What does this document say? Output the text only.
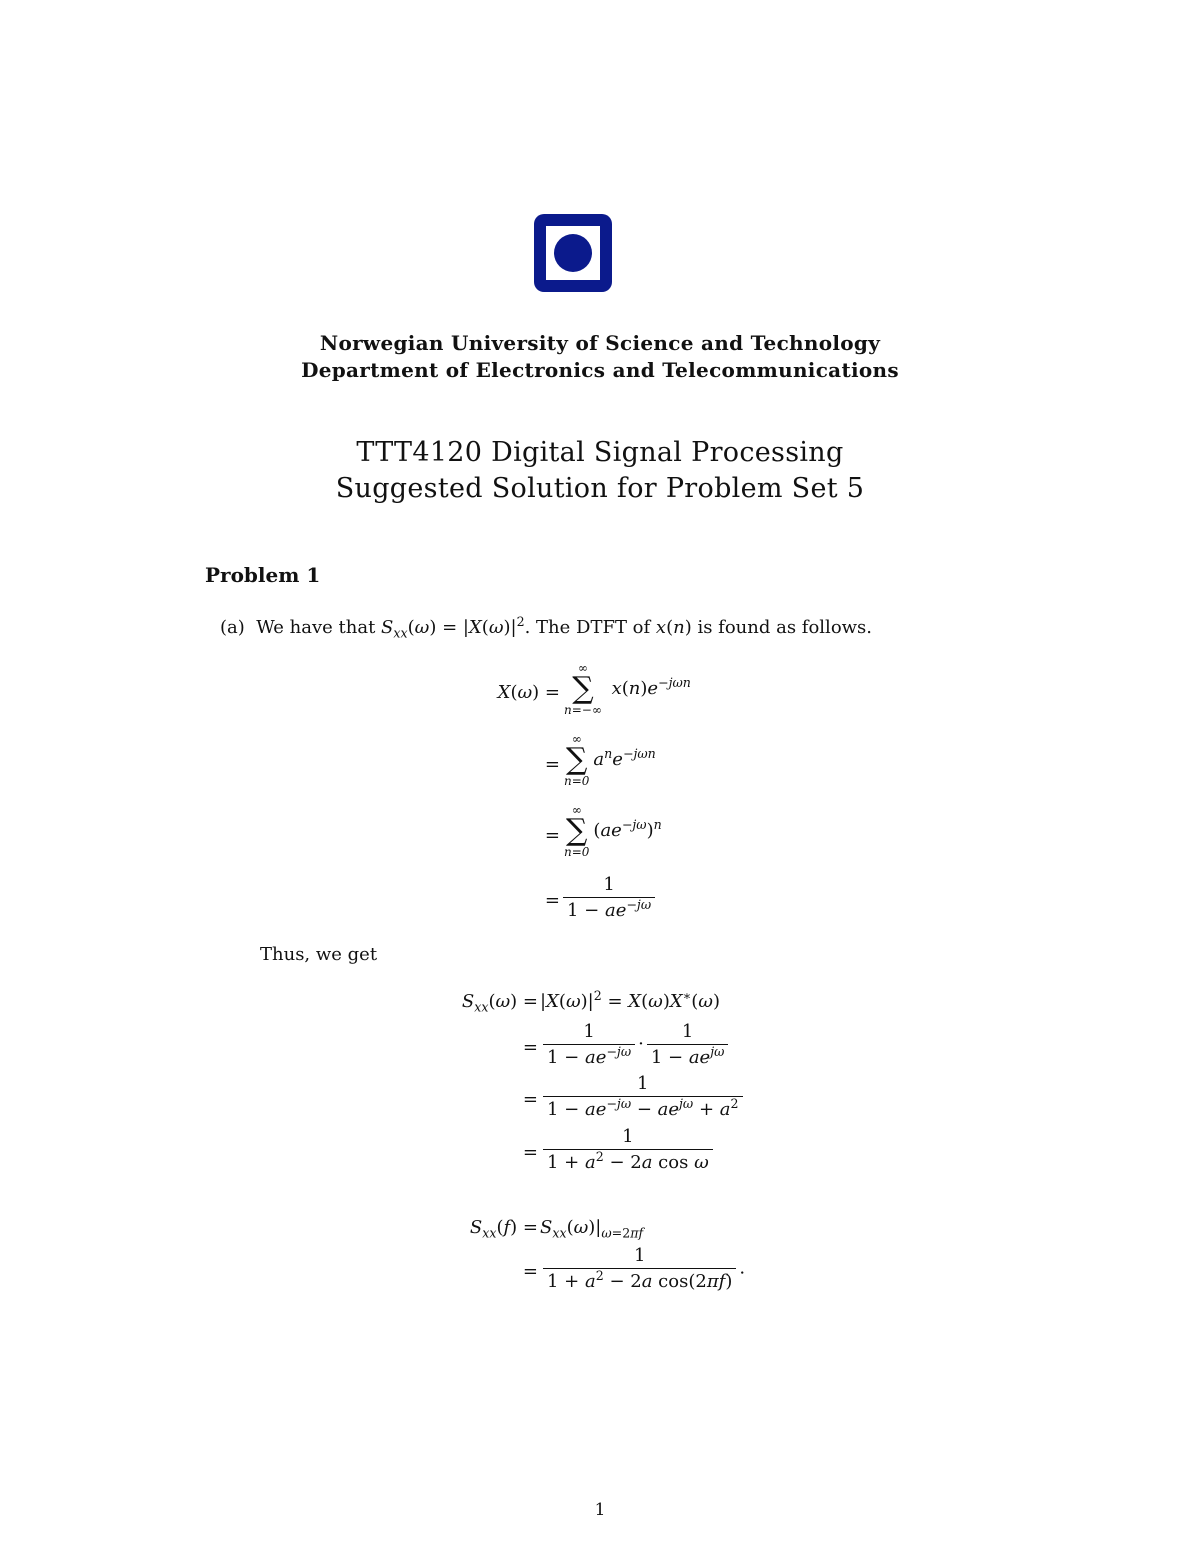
Norwegian University of Science and Technology
Department of Electronics and Telecommunications
TTT4120 Digital Signal Processing
Suggested Solution for Problem Set 5
Problem 1
(a) We have that $S_{xx}(\omega) = |X(\omega)|^2$. The DTFT of x(n) is found as follows.
X(ω) =
∞
∑
n=−∞
$x(n)e^{-j\omega n}$
=
∞
∑
n=0
$a^ne^{-j\omega n}$
=
∞
∑
n=0
$(ae^{-j\omega})^n$
= $\frac{1}{1 - ae^{-j\omega}}$
Thus, we get
$S_{xx}(\omega) = |X(\omega)|^2 = X(\omega)X^∗(\omega)$
= $\frac{1}{1 - ae^{-j\omega}} \cdot \frac{1}{1 - ae^{j\omega}}$
= $\frac{1}{1 - ae^{-j\omega} - ae^{j\omega} + a^2}$
= $\frac{1}{1 + a^2 - 2a \cos \omega}$
$S_{xx}(f) = S_{xx}(\omega)|_{\omega=2\pi f}$
= $\frac{1}{1 + a^2 - 2a \cos(2\pi f)}$ .
1
